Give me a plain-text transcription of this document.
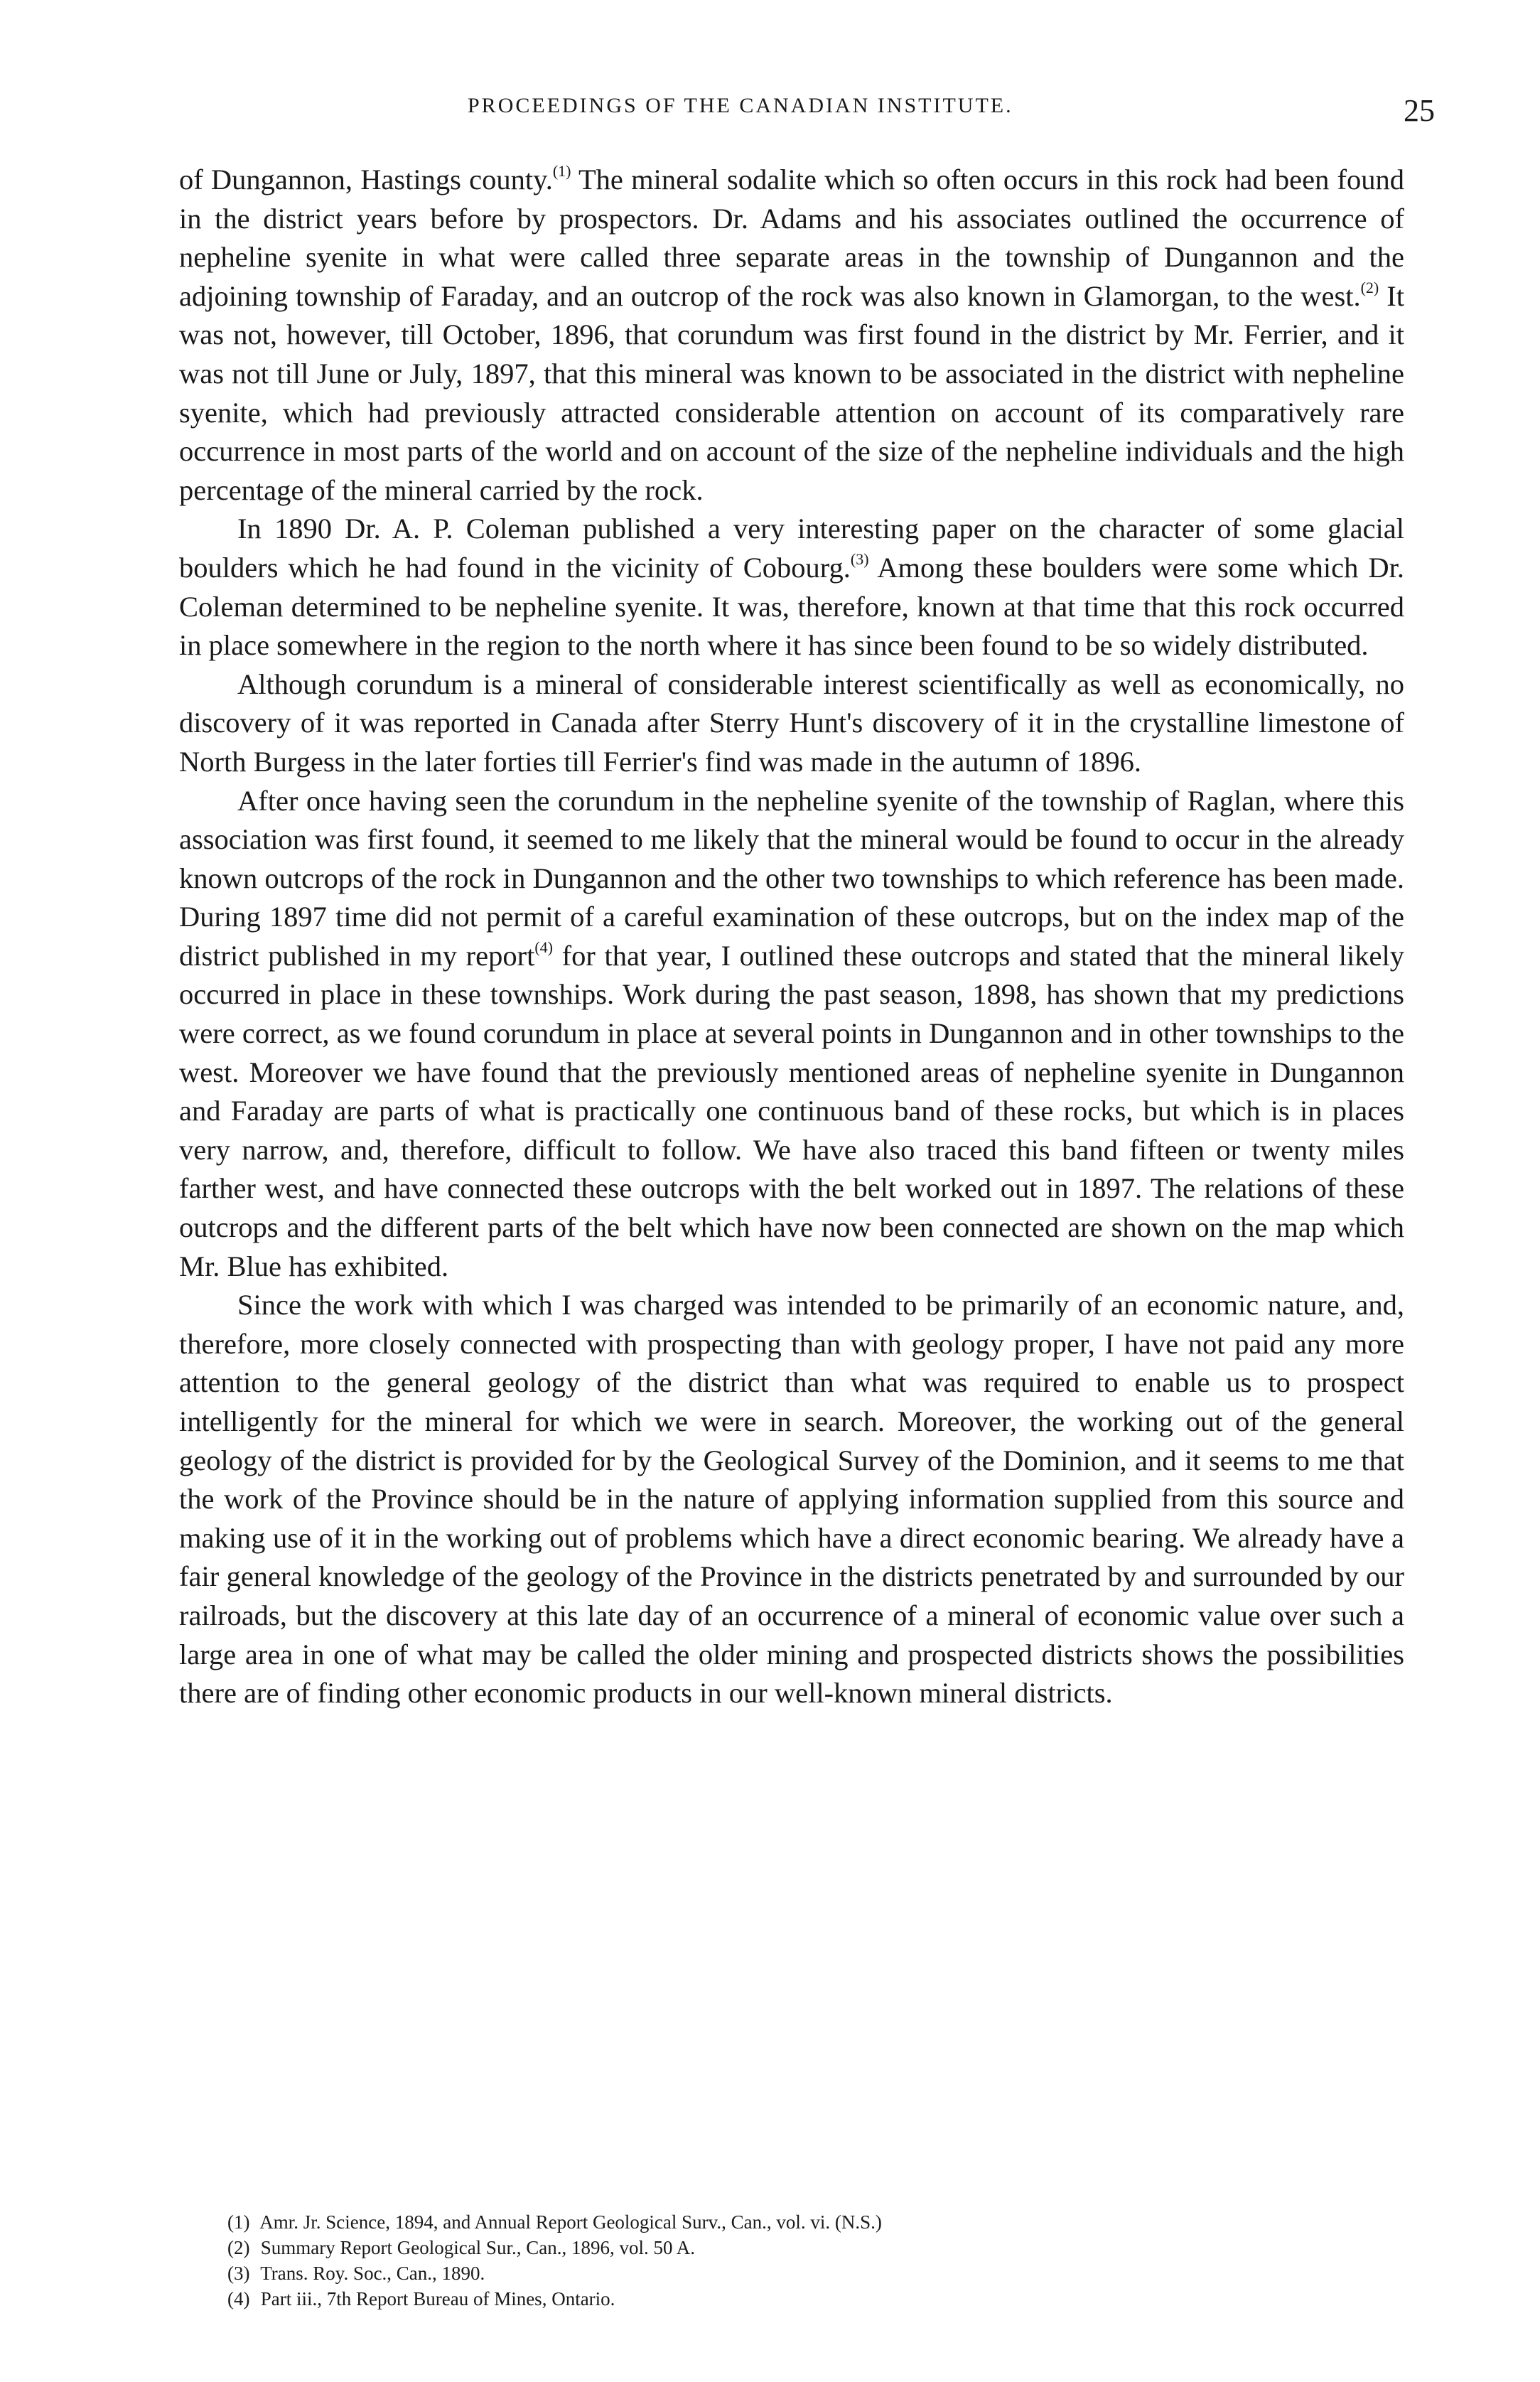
PROCEEDINGS OF THE CANADIAN INSTITUTE.	25

of Dungannon, Hastings county.$^{(1)}$ The mineral sodalite which so often occurs in this rock had been found in the district years before by prospectors. Dr. Adams and his associates outlined the occurrence of nepheline syenite in what were called three separate areas in the township of Dungannon and the adjoining township of Faraday, and an outcrop of the rock was also known in Glamorgan, to the west.$^{(2)}$ It was not, however, till October, 1896, that corundum was first found in the district by Mr. Ferrier, and it was not till June or July, 1897, that this mineral was known to be associated in the district with nepheline syenite, which had previously attracted considerable attention on account of its comparatively rare occurrence in most parts of the world and on account of the size of the nepheline individuals and the high percentage of the mineral carried by the rock.

In 1890 Dr. A. P. Coleman published a very interesting paper on the character of some glacial boulders which he had found in the vicinity of Cobourg.$^{(3)}$ Among these boulders were some which Dr. Coleman determined to be nepheline syenite. It was, therefore, known at that time that this rock occurred in place somewhere in the region to the north where it has since been found to be so widely distributed.

Although corundum is a mineral of considerable interest scientifically as well as economically, no discovery of it was reported in Canada after Sterry Hunt's discovery of it in the crystalline limestone of North Burgess in the later forties till Ferrier's find was made in the autumn of 1896.

After once having seen the corundum in the nepheline syenite of the township of Raglan, where this association was first found, it seemed to me likely that the mineral would be found to occur in the already known outcrops of the rock in Dungannon and the other two townships to which reference has been made. During 1897 time did not permit of a careful examination of these outcrops, but on the index map of the district published in my report$^{(4)}$ for that year, I outlined these outcrops and stated that the mineral likely occurred in place in these townships. Work during the past season, 1898, has shown that my predictions were correct, as we found corundum in place at several points in Dungannon and in other townships to the west. Moreover we have found that the previously mentioned areas of nepheline syenite in Dungannon and Faraday are parts of what is practically one continuous band of these rocks, but which is in places very narrow, and, therefore, difficult to follow. We have also traced this band fifteen or twenty miles farther west, and have connected these outcrops with the belt worked out in 1897. The relations of these outcrops and the different parts of the belt which have now been connected are shown on the map which Mr. Blue has exhibited.

Since the work with which I was charged was intended to be primarily of an economic nature, and, therefore, more closely connected with prospecting than with geology proper, I have not paid any more attention to the general geology of the district than what was required to enable us to prospect intelligently for the mineral for which we were in search. Moreover, the working out of the general geology of the district is provided for by the Geological Survey of the Dominion, and it seems to me that the work of the Province should be in the nature of applying information supplied from this source and making use of it in the working out of problems which have a direct economic bearing. We already have a fair general knowledge of the geology of the Province in the districts penetrated by and surrounded by our railroads, but the discovery at this late day of an occurrence of a mineral of economic value over such a large area in one of what may be called the older mining and prospected districts shows the possibilities there are of finding other economic products in our well-known mineral districts.

(1) Amr. Jr. Science, 1894, and Annual Report Geological Surv., Can., vol. vi. (N.S.)
(2) Summary Report Geological Sur., Can., 1896, vol. 50 A.
(3) Trans. Roy. Soc., Can., 1890.
(4) Part iii., 7th Report Bureau of Mines, Ontario.
